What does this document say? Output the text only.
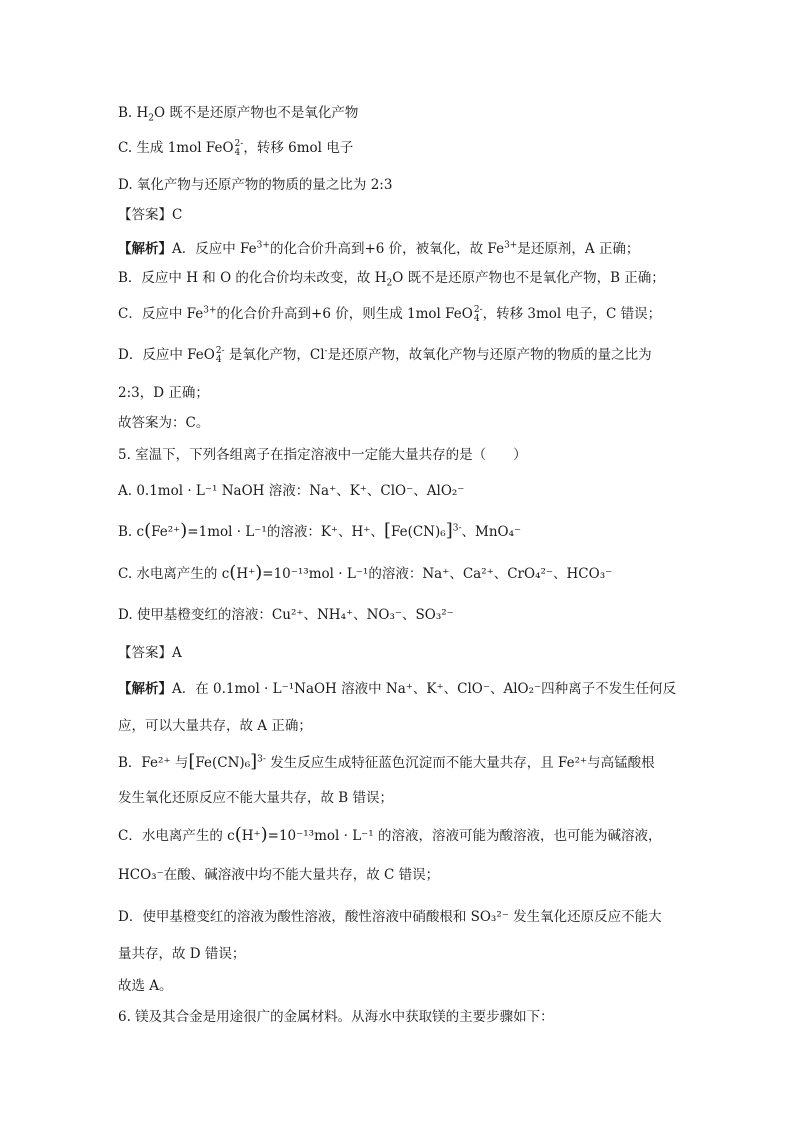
B. $H_2O$ 既不是还原产物也不是氧化产物
C. 生成 1mol FeO 2-
4 ，转移 6mol 电子
D. 氧化产物与还原产物的物质的量之比为 2:3
【答案】C
【解析】A．反应中 $Fe^{3+}$的化合价升高到+6 价，被氧化，故 $Fe^{3+}$是还原剂，A 正确；
B．反应中 H 和 O 的化合价均未改变，故 $H_2O$ 既不是还原产物也不是氧化产物，B 正确；
C．反应中 $Fe^{3+}$的化合价升高到+6 价，则生成 1mol FeO 2-
4 ，转移 3mol 电子，C 错误；
D．反应中 FeO 2-
4 是氧化产物，Cl-是还原产物，故氧化产物与还原产物的物质的量之比为
2:3，D 正确；
故答案为：C。
5. 室温下，下列各组离子在指定溶液中一定能大量共存的是（　　）
A. 0.1mol · L⁻¹ NaOH 溶液：Na⁺、K⁺、ClO⁻、AlO₂⁻
B. c(Fe²⁺)=1mol · L⁻¹的溶液：K⁺、H⁺、$[Fe(CN)_6]^{3-}$、MnO₄⁻
C. 水电离产生的 c(H⁺)=10⁻¹³mol · L⁻¹的溶液：Na⁺、Ca²⁺、CrO₄²⁻、HCO₃⁻
D. 使甲基橙变红的溶液：Cu²⁺、NH₄⁺、NO₃⁻、SO₃²⁻
【答案】A
【解析】A．在 0.1mol · L⁻¹NaOH 溶液中 Na⁺、K⁺、ClO⁻、AlO₂⁻四种离子不发生任何反
应，可以大量共存，故 A 正确；
B．Fe²⁺ 与$[Fe(CN)_6]^{3-}$ 发生反应生成特征蓝色沉淀而不能大量共存，且 Fe²⁺与高锰酸根
发生氧化还原反应不能大量共存，故 B 错误；
C．水电离产生的 c(H⁺)=10⁻¹³mol · L⁻¹ 的溶液，溶液可能为酸溶液，也可能为碱溶液，
HCO₃⁻在酸、碱溶液中均不能大量共存，故 C 错误；
D．使甲基橙变红的溶液为酸性溶液，酸性溶液中硝酸根和 SO₃²⁻ 发生氧化还原反应不能大
量共存，故 D 错误；
故选 A。
6. 镁及其合金是用途很广的金属材料。从海水中获取镁的主要步骤如下：
